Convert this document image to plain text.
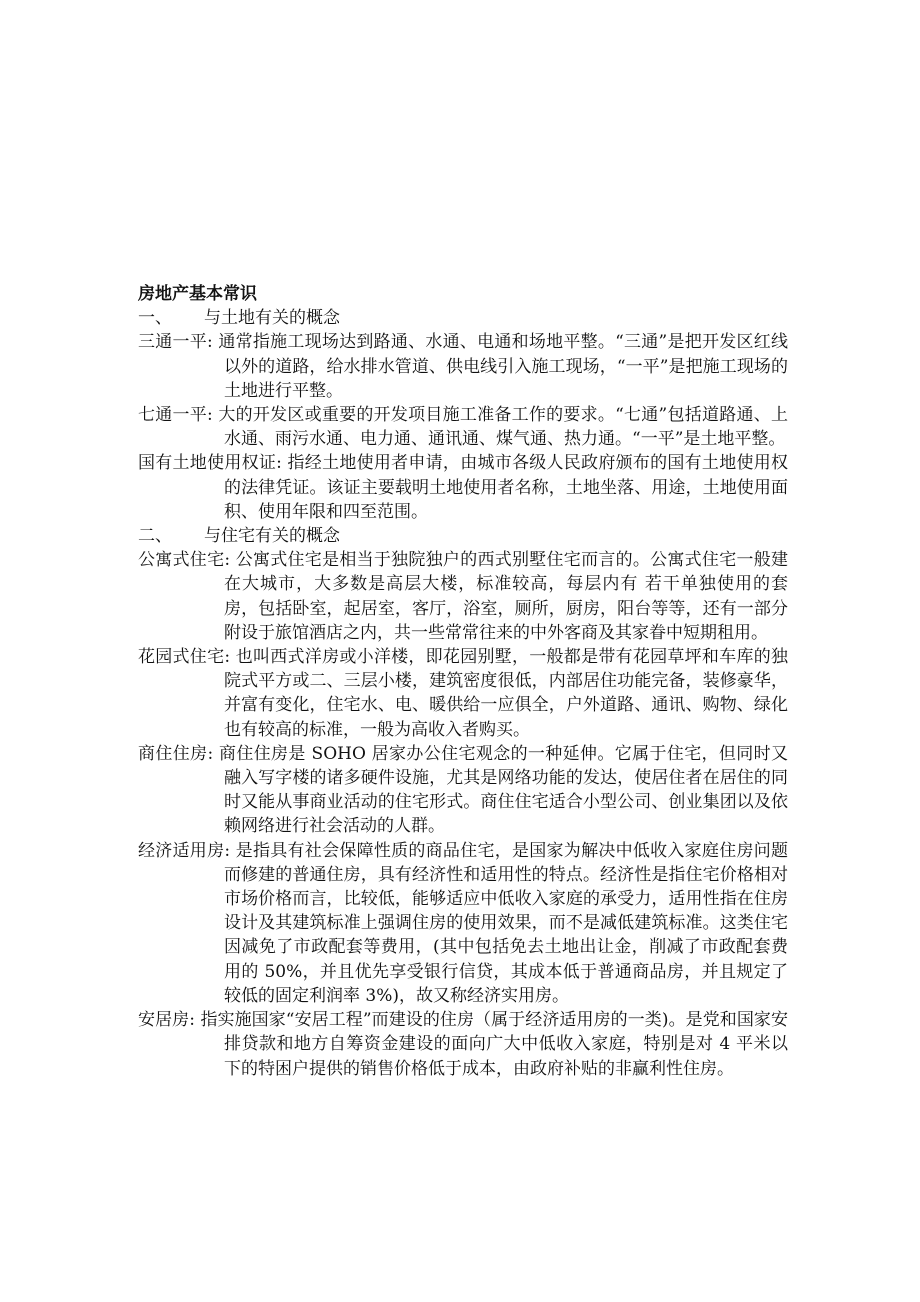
房地产基本常识
一、	与土地有关的概念
三通一平: 通常指施工现场达到路通、水通、电通和场地平整。“三通”是把开发区红线以外的道路，给水排水管道、供电线引入施工现场，“一平”是把施工现场的土地进行平整。
七通一平: 大的开发区或重要的开发项目施工准备工作的要求。“七通”包括道路通、上水通、雨污水通、电力通、通讯通、煤气通、热力通。“一平”是土地平整。
国有土地使用权证: 指经土地使用者申请，由城市各级人民政府颁布的国有土地使用权的法律凭证。该证主要载明土地使用者名称，土地坐落、用途，土地使用面积、使用年限和四至范围。
二、	与住宅有关的概念
公寓式住宅: 公寓式住宅是相当于独院独户的西式别墅住宅而言的。公寓式住宅一般建在大城市，大多数是高层大楼，标准较高，每层内有 若干单独使用的套房，包括卧室，起居室，客厅，浴室，厕所，厨房，阳台等等，还有一部分附设于旅馆酒店之内，共一些常常往来的中外客商及其家眷中短期租用。
花园式住宅: 也叫西式洋房或小洋楼，即花园别墅，一般都是带有花园草坪和车库的独院式平方或二、三层小楼，建筑密度很低，内部居住功能完备，装修豪华，并富有变化，住宅水、电、暖供给一应俱全，户外道路、通讯、购物、绿化也有较高的标准，一般为高收入者购买。
商住住房: 商住住房是 SOHO 居家办公住宅观念的一种延伸。它属于住宅，但同时又融入写字楼的诸多硬件设施，尤其是网络功能的发达，使居住者在居住的同时又能从事商业活动的住宅形式。商住住宅适合小型公司、创业集团以及依赖网络进行社会活动的人群。
经济适用房: 是指具有社会保障性质的商品住宅，是国家为解决中低收入家庭住房问题而修建的普通住房，具有经济性和适用性的特点。经济性是指住宅价格相对市场价格而言，比较低，能够适应中低收入家庭的承受力，适用性指在住房设计及其建筑标准上强调住房的使用效果，而不是减低建筑标准。这类住宅因减免了市政配套等费用，(其中包括免去土地出让金，削减了市政配套费用的 50%，并且优先享受银行信贷，其成本低于普通商品房，并且规定了较低的固定利润率 3%)，故又称经济实用房。
安居房: 指实施国家“安居工程”而建设的住房（属于经济适用房的一类)。是党和国家安排贷款和地方自筹资金建设的面向广大中低收入家庭，特别是对 4 平米以下的特困户提供的销售价格低于成本，由政府补贴的非赢利性住房。
